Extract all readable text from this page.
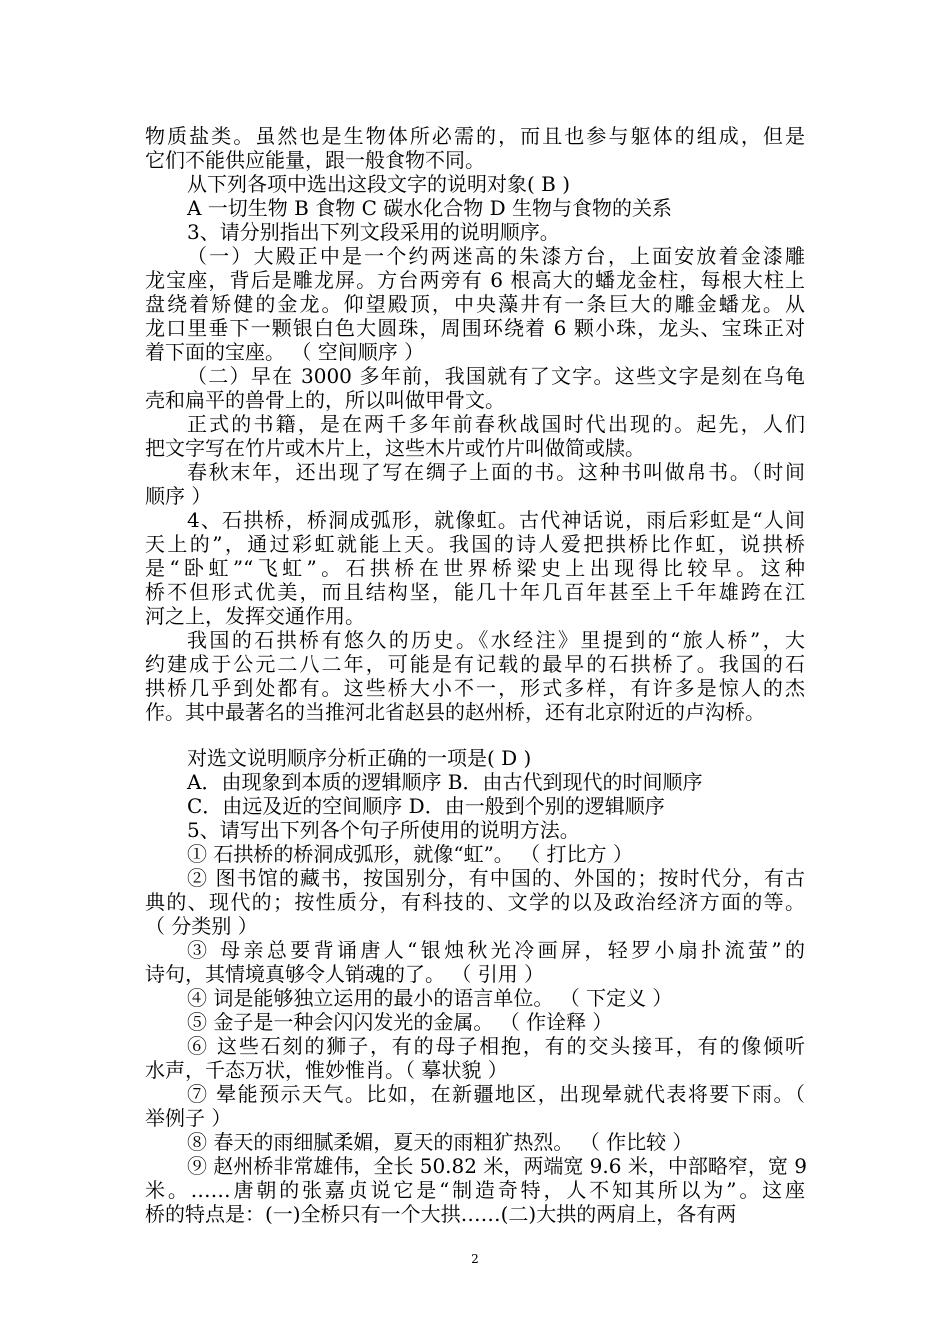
物质盐类。虽然也是生物体所必需的，而且也参与躯体的组成，但是
它们不能供应能量，跟一般食物不同。
从下列各项中选出这段文字的说明对象( B )
A 一切生物 B 食物 C 碳水化合物 D 生物与食物的关系
3、请分别指出下列文段采用的说明顺序。
（一）大殿正中是一个约两迷高的朱漆方台，上面安放着金漆雕
龙宝座，背后是雕龙屏。方台两旁有 6 根高大的蟠龙金柱，每根大柱上
盘绕着矫健的金龙。仰望殿顶，中央藻井有一条巨大的雕金蟠龙。从
龙口里垂下一颗银白色大圆珠，周围环绕着 6 颗小珠，龙头、宝珠正对
着下面的宝座。 （ 空间顺序 ）
（二）早在 3000 多年前，我国就有了文字。这些文字是刻在乌龟
壳和扁平的兽骨上的，所以叫做甲骨文。
正式的书籍，是在两千多年前春秋战国时代出现的。起先，人们
把文字写在竹片或木片上，这些木片或竹片叫做简或牍。
春秋末年，还出现了写在绸子上面的书。这种书叫做帛书。（时间
顺序 ）
4、石拱桥，桥洞成弧形，就像虹。古代神话说，雨后彩虹是“人间
天上的”，通过彩虹就能上天。我国的诗人爱把拱桥比作虹，说拱桥
是“卧虹”“飞虹”。石拱桥在世界桥梁史上出现得比较早。这种
桥不但形式优美，而且结构坚，能几十年几百年甚至上千年雄跨在江
河之上，发挥交通作用。
我国的石拱桥有悠久的历史。《水经注》里提到的“旅人桥”，大
约建成于公元二八二年，可能是有记载的最早的石拱桥了。我国的石
拱桥几乎到处都有。这些桥大小不一，形式多样，有许多是惊人的杰
作。其中最著名的当推河北省赵县的赵州桥，还有北京附近的卢沟桥。
对选文说明顺序分析正确的一项是( D )
A．由现象到本质的逻辑顺序 B．由古代到现代的时间顺序
C．由远及近的空间顺序 D．由一般到个别的逻辑顺序
5、请写出下列各个句子所使用的说明方法。
① 石拱桥的桥洞成弧形，就像“虹”。 （ 打比方 ）
② 图书馆的藏书，按国别分，有中国的、外国的；按时代分，有古
典的、现代的；按性质分，有科技的、文学的以及政治经济方面的等。
（ 分类别 ）
③ 母亲总要背诵唐人“银烛秋光冷画屏，轻罗小扇扑流萤”的
诗句，其情境真够令人销魂的了。 （ 引用 ）
④ 词是能够独立运用的最小的语言单位。 （ 下定义 ）
⑤ 金子是一种会闪闪发光的金属。 （ 作诠释 ）
⑥ 这些石刻的狮子，有的母子相抱，有的交头接耳，有的像倾听
水声，千态万状，惟妙惟肖。（ 摹状貌 ）
⑦ 晕能预示天气。比如，在新疆地区，出现晕就代表将要下雨。（
举例子 ）
⑧ 春天的雨细腻柔媚，夏天的雨粗犷热烈。 （ 作比较 ）
⑨ 赵州桥非常雄伟，全长 50.82 米，两端宽 9.6 米，中部略窄，宽 9
米。……唐朝的张嘉贞说它是“制造奇特，人不知其所以为”。这座
桥的特点是：(一)全桥只有一个大拱……(二)大拱的两肩上，各有两
2
